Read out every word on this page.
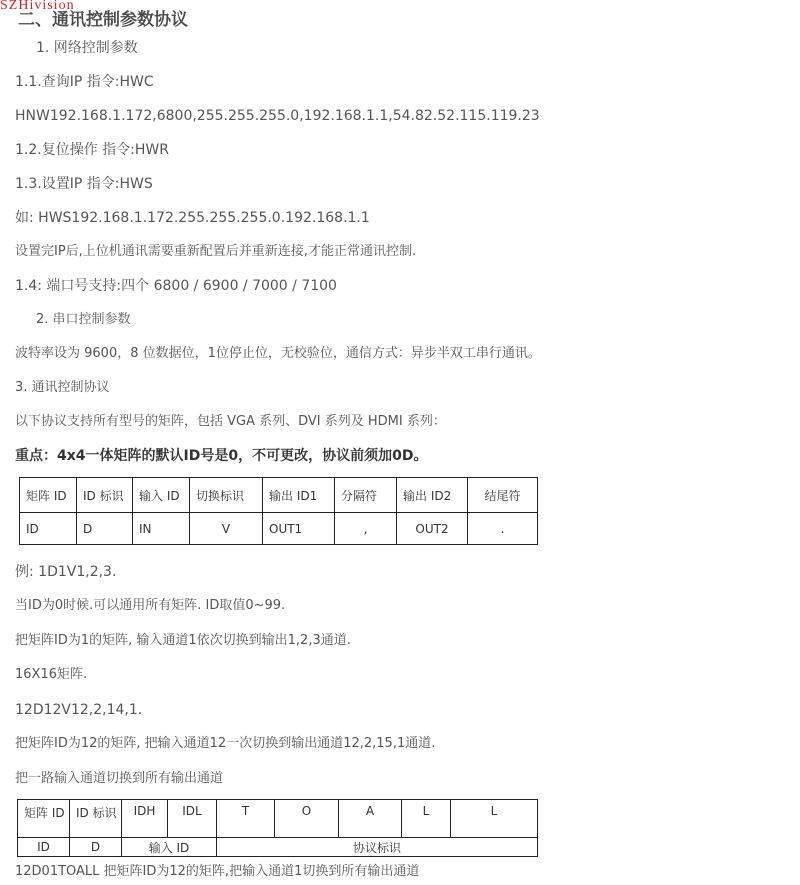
SZHivision
二、通讯控制参数协议
1. 网络控制参数
1.1.查询IP 指令:HWC
HNW192.168.1.172,6800,255.255.255.0,192.168.1.1,54.82.52.115.119.23
1.2.复位操作 指令:HWR
1.3.设置IP 指令:HWS
如: HWS192.168.1.172.255.255.255.0.192.168.1.1
设置完IP后,上位机通讯需要重新配置后并重新连接,才能正常通讯控制.
1.4: 端口号支持:四个 6800 / 6900 / 7000 / 7100
2. 串口控制参数
波特率设为 9600，8 位数据位，1位停止位，无校验位，通信方式：异步半双工串行通讯。
3. 通讯控制协议
以下协议支持所有型号的矩阵，包括 VGA 系列、DVI 系列及 HDMI 系列：
重点：4x4一体矩阵的默认ID号是0，不可更改，协议前须加0D。
矩阵 ID	ID 标识	输入 ID	切换标识	输出 ID1	分隔符	输出 ID2	结尾符
ID	D	IN	V	OUT1	,	OUT2	.
例: 1D1V1,2,3.
当ID为0时候.可以通用所有矩阵. ID取值0~99.
把矩阵ID为1的矩阵, 输入通道1依次切换到输出1,2,3通道.
16X16矩阵.
12D12V12,2,14,1.
把矩阵ID为12的矩阵, 把输入通道12一次切换到输出通道12,2,15,1通道.
把一路输入通道切换到所有输出通道
矩阵 ID	ID 标识	IDH	IDL	T	O	A	L	L
ID	D	输入 ID		协议标识				
12D01TOALL 把矩阵ID为12的矩阵,把输入通道1切换到所有输出通道
